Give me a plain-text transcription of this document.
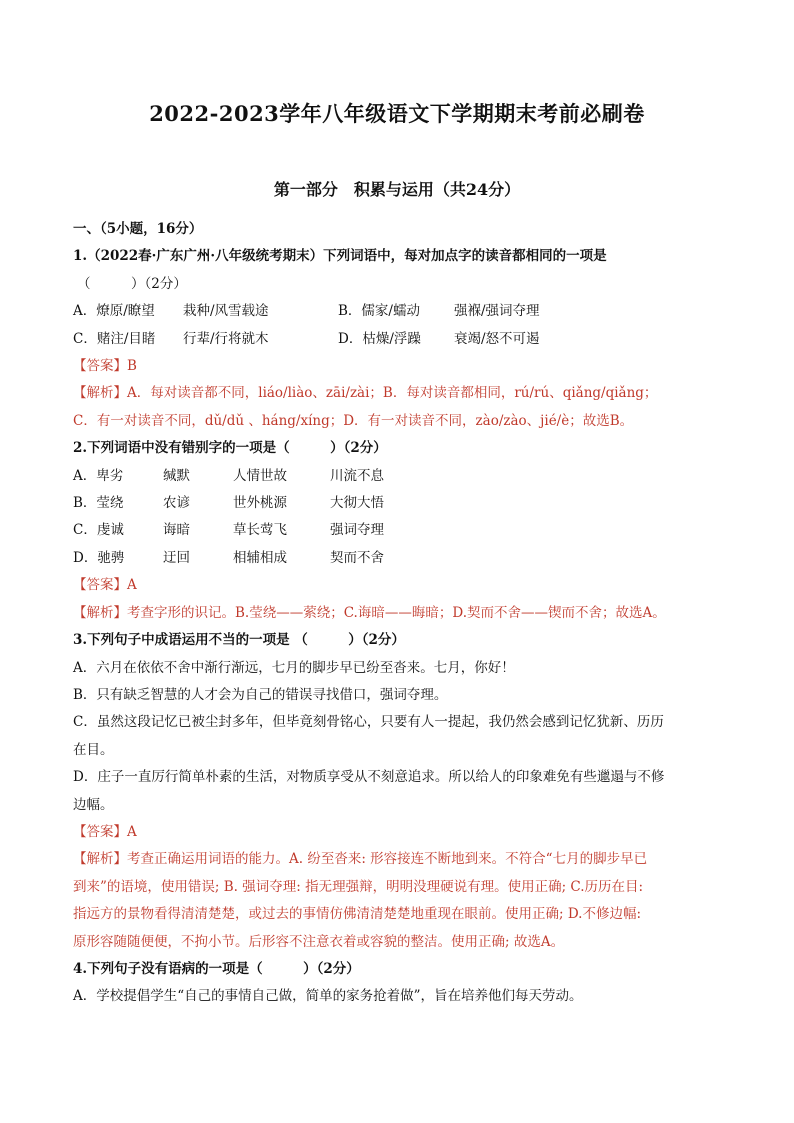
2022-2023学年八年级语文下学期期末考前必刷卷
第一部分　积累与运用（共24分）
一、（5小题，16分）
1.（2022春·广东广州·八年级统考期末）下列词语中，每对加点字的读音都相同的一项是
（　　　）（2分）
A．燎原/瞭望 栽种/风雪载途	B．儒家/蠕动	强褓/强词夺理
C．赌注/目睹 行辈/行将就木	D．枯燥/浮躁 衰竭/怒不可遏
【答案】B
【解析】A．每对读音都不同，liáo/liào、zāi/zài；B．每对读音都相同，rú/rú、qiǎng/qiǎng；
C．有一对读音不同，dǔ/dǔ 、háng/xíng；D．有一对读音不同，zào/zào、jié/è；故选B。
2.下列词语中没有错别字的一项是（　　　）（2分）
A．卑劣	缄默	人情世故	川流不息
B．莹绕	农谚	世外桃源	大彻大悟
C．虔诚	诲暗	草长莺飞	强词夺理
D．驰骋	迂回	相辅相成	契而不舍
【答案】A
【解析】考查字形的识记。B.莹绕——萦绕；C.诲暗——晦暗；D.契而不舍——锲而不舍；故选A。
3.下列句子中成语运用不当的一项是 （　　　）（2分）
A．六月在依依不舍中渐行渐远，七月的脚步早已纷至沓来。七月，你好！
B．只有缺乏智慧的人才会为自己的错误寻找借口，强词夺理。
C．虽然这段记忆已被尘封多年，但毕竟刻骨铭心，只要有人一提起，我仍然会感到记忆犹新、历历
在目。
D．庄子一直厉行简单朴素的生活，对物质享受从不刻意追求。所以给人的印象难免有些邋遢与不修
边幅。
【答案】A
【解析】考查正确运用词语的能力。A. 纷至沓来: 形容接连不断地到来。不符合“七月的脚步早已
到来”的语境，使用错误; B. 强词夺理: 指无理强辩，明明没理硬说有理。使用正确; C.历历在目:
指远方的景物看得清清楚楚，或过去的事情仿佛清清楚楚地重现在眼前。使用正确; D.不修边幅:
原形容随随便便，不拘小节。后形容不注意衣着或容貌的整洁。使用正确; 故选A。
4.下列句子没有语病的一项是（　　　）（2分）
A．学校提倡学生“自己的事情自己做，简单的家务抢着做”，旨在培养他们每天劳动。
